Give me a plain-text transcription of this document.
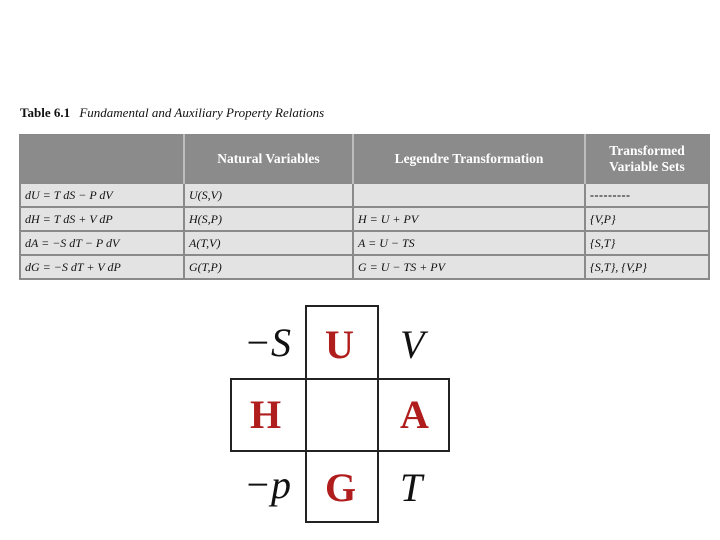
Table 6.1 Fundamental and Auxiliary Property Relations
	Natural Variables	Legendre Transformation	Transformed Variable Sets
dU = T dS − P dV	U(S,V)		---------
dH = T dS + V dP	H(S,P)	H = U + PV	{V,P}
dA = −S dT − P dV	A(T,V)	A = U − TS	{S,T}
dG = −S dT + V dP	G(T,P)	G = U − TS + PV	{S,T}, {V,P}
−S U V
H	A
−p G T
